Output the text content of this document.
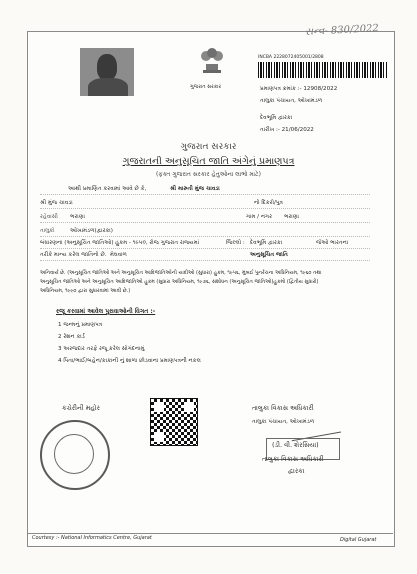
સન્વ- 830/2022
ગુજરાત સરકાર
INCBA 2228072405001/2808
પ્રમાણપત્ર ક્રમાંક :- 12908/2022
તાલુકા પંચાયત, ઓખામંડળ
દેવભૂમિ દ્વારકા
તારીખ :- 21/06/2022
ગુજરાત સરકાર
ગુજરાતની અનુસૂચિત જાતિ અંગેનું પ્રમાણપત્ર
(ફક્ત ગુજરાત સરકાર હેતુઓના લાભો માટે)
આથી પ્રમાણિત કરવામાં આવે છે કે,	શ્રી મારુતી મુંજ ચાવડા
શ્રી મુંજ ચાવડા	નો દિકરો/પુત્ર
રહેવાસી ભરાણા	ગામ / નગર ભરાણા
તાલુકો	ઓખામંડળ(દ્વારકા)
બંધારણના (અનુસૂચિત જાતિઓ) હુકમ - ૧૯૫૦, રોજ ગુજરાત રાજ્યમાં	જિલ્લો : દેવભૂમિ દ્વારકા	જેઓ ભારતના
તરીકે માન્ય કરેલ જાતિનો છે. મેઘવાળ	અનુસૂચિત જાતિ
અનિવાર્ય છે. (અનુસૂચિત જાતિઓ અને અનુસૂચિત આદિજાતિઓની યાદીઓ (સુધારા) હુકમ, ૧૯૫૬, મુંબઈ પુનર્રચના અધિનિયમ, ૧૯૬૦ તથા
અનુસૂચિત જાતિઓ અને અનુસૂચિત આદિજાતિઓ હુકમ (સુધારા અધિનિયમ, ૧૯૭૬, સંશોધન (અનુસૂચિત જાતિઓ)હુકમો (દ્વિતીય સુધારો)
અધિનિયમ, ૧૯૯૦ દ્વારા સુધારવામાં આવી છે.)
રજૂ કરવામાં આવેલ પુરાવાઓની વિગત :-
1 જન્મનું પ્રમાણપત્ર
2 રેશન કાર્ડ
3 અરજદાર તરફે રજૂ કરેલ સોગંદનામું
4 પિતા/ભાઈ/બહેન/કાકાની નું શાળા છોડવાના પ્રમાણપત્રની નકલ
કચેરીની મહોર	તાલુકા વિકાસ અધિકારી
તાલુકા પંચાયત, ઓખામંડળ
(ડી. વી. શેરસિયા)
તાલુકા વિકાસ અધિકારી
દ્વારકા
Courtesy :- National Informatics Centre, Gujarat	Digital Gujarat
